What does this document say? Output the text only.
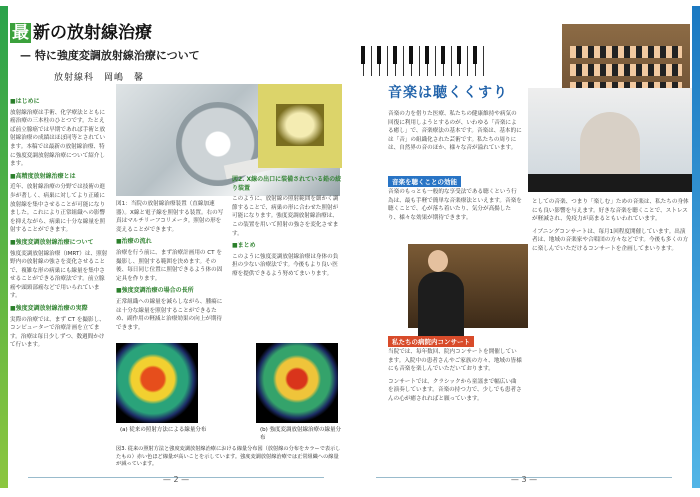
最 新の放射線治療
— 特に強度変調放射線治療について
放射線科　岡嶋　馨

■はじめに

放射線治療は手術、化学療法とともに癌治療の三本柱のひとつです。たとえば前立腺癌では早期であれば手術と放射線治療の成績はほぼ同等とされています。本稿では最新の放射線治療、特に強度変調放射線治療について紹介します。

■高精度放射線治療とは

近年、放射線治療の分野では技術の進歩が著しく、病巣に対してより正確に放射線を集中させることが可能になりました。これにより正常組織への影響を抑えながら、病巣に十分な線量を照射することができます。

■強度変調放射線治療について

強度変調放射線治療（IMRT）は、照射野内の放射線の強さを変化させることで、複雑な形の病巣にも線量を集中させることができる治療法です。前立腺癌や頭頸部癌などで用いられています。

■強度変調放射線治療の実際

実際の治療では、まず CT を撮影し、コンピューターで治療計画を立てます。治療は毎日少しずつ、数週間かけて行います。

図1：当院の放射線治療装置（直線加速器）。X線と電子線を照射する装置。右の写真はマルチリーフコリメータ。照射の形を変えることができます。

■治療の流れ

治療を行う前に、まず治療計画用の CT を撮影し、照射する範囲を決めます。その後、毎日同じ位置に照射できるよう体の固定具を作ります。

■強度変調治療の場合の長所

正常組織への線量を減らしながら、腫瘍には十分な線量を照射することができるため、副作用の軽減と治療効果の向上が期待できます。

図2. X線の出口に装備されている鉛の絞り装置

このように、放射線の照射範囲を細かく調節することで、病巣の形に合わせた照射が可能になります。強度変調放射線治療は、この装置を用いて照射の強さを変化させます。

■まとめ

このように強度変調放射線治療は身体の負担の少ない治療法です。今後もより良い医療を提供できるよう努めてまいります。

(a) 従来の照射方法による線量分布	(b) 強度変調放射線治療の線量分布
図3. 従来の照射方法と強度変調放射線治療における線量分布図（放射線の分布をカラーで表示したもの）赤い色ほど線量が高いことを示しています。強度変調放射線治療では正常組織への線量が減っています。
— 2 —
音楽は聴くくすり

音楽の力を借りた医療、私たちの健康維持や病気の回復に利用しようとするのが、いわゆる「音楽による癒し」で、音楽療法の基本です。音楽は、基本的には「音」の組織化された芸術です。私たちの周りには、自然界の音のほか、様々な音が溢れています。

音楽を聴くことの効能

音楽のもっとも一般的な享受法である聴くという行為は、最も手軽で簡単な音楽療法といえます。音楽を聴くことで、心が落ち着いたり、気分が高揚したり、様々な効果が期待できます。

私たちの病院内コンサート

当院では、毎年数回、院内コンサートを開催しています。入院中の患者さんやご家族の方々、地域の皆様にも音楽を楽しんでいただいております。

コンサートでは、クラシックから童謡まで幅広い曲を演奏しています。音楽の持つ力で、少しでも患者さんの心が癒されればと願っています。

としての音楽、つまり「楽しむ」ための音楽は、私たちの身体にも良い影響を与えます。好きな音楽を聴くことで、ストレスが軽減され、免疫力が高まるともいわれています。

イブニングコンサートは、毎月1回程度開催しています。出演者は、地域の音楽家や合唱団の方々などです。今後も多くの方に楽しんでいただけるコンサートを企画してまいります。

— 3 —
